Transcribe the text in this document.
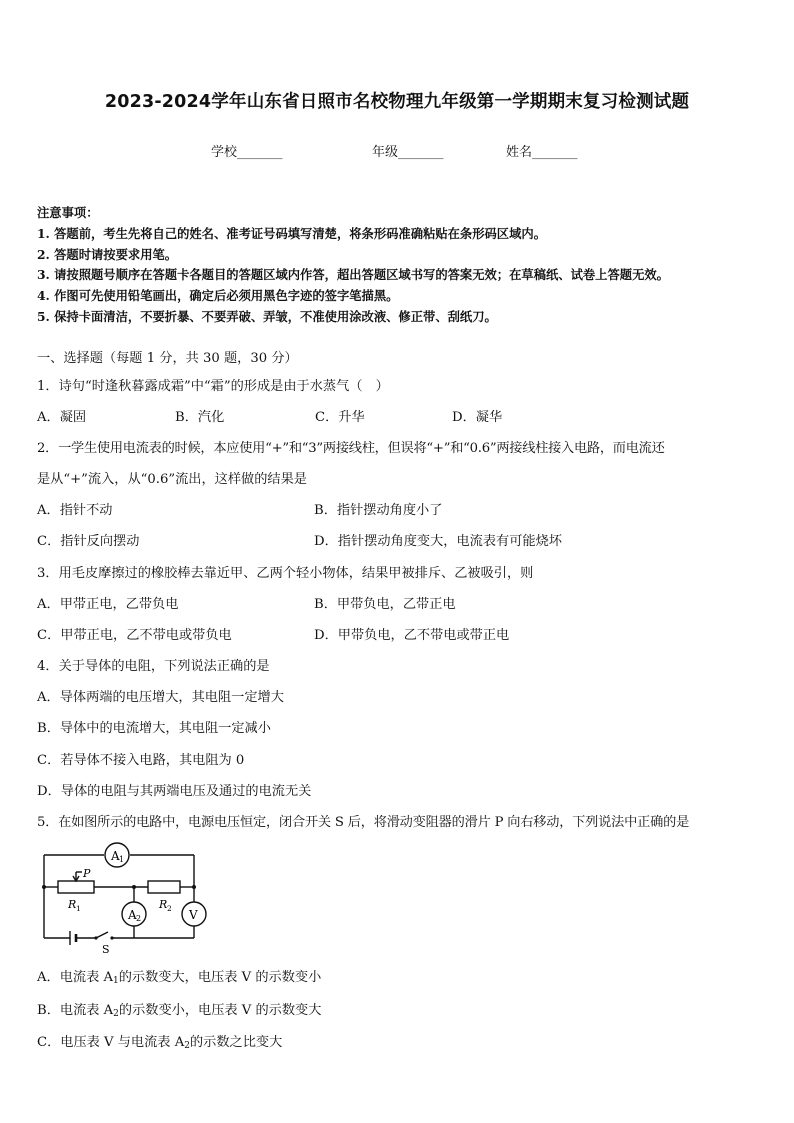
2023-2024学年山东省日照市名校物理九年级第一学期期末复习检测试题
学校_______	年级_______	姓名_______
注意事项：
1. 答题前，考生先将自己的姓名、准考证号码填写清楚，将条形码准确粘贴在条形码区域内。
2. 答题时请按要求用笔。
3. 请按照题号顺序在答题卡各题目的答题区域内作答，超出答题区域书写的答案无效；在草稿纸、试卷上答题无效。
4. 作图可先使用铅笔画出，确定后必须用黑色字迹的签字笔描黑。
5. 保持卡面清洁，不要折暴、不要弄破、弄皱，不准使用涂改液、修正带、刮纸刀。
一、选择题（每题 1 分，共 30 题，30 分）
1．诗句“时逢秋暮露成霜”中“霜”的形成是由于水蒸气（　）
A．凝固	B．汽化	C．升华	D．凝华
2．一学生使用电流表的时候，本应使用“+”和“3”两接线柱，但误将“+”和“0.6”两接线柱接入电路，而电流还
是从“+”流入，从“0.6”流出，这样做的结果是
A．指针不动	B．指针摆动角度小了
C．指针反向摆动	D．指针摆动角度变大，电流表有可能烧坏
3．用毛皮摩擦过的橡胶棒去靠近甲、乙两个轻小物体，结果甲被排斥、乙被吸引，则
A．甲带正电，乙带负电	B．甲带负电，乙带正电
C．甲带正电，乙不带电或带负电	D．甲带负电，乙不带电或带正电
4．关于导体的电阻，下列说法正确的是
A．导体两端的电压增大，其电阻一定增大
B．导体中的电流增大，其电阻一定减小
C．若导体不接入电路，其电阻为 0
D．导体的电阻与其两端电压及通过的电流无关
5．在如图所示的电路中，电源电压恒定，闭合开关 S 后，将滑动变阻器的滑片 P 向右移动，下列说法中正确的是
A 1
A 2	V
P
R 1	R 2
S
A．电流表 $A_1$的示数变大，电压表 V 的示数变小
B．电流表 $A_2$的示数变小，电压表 V 的示数变大
C．电压表 V 与电流表 $A_2$的示数之比变大
